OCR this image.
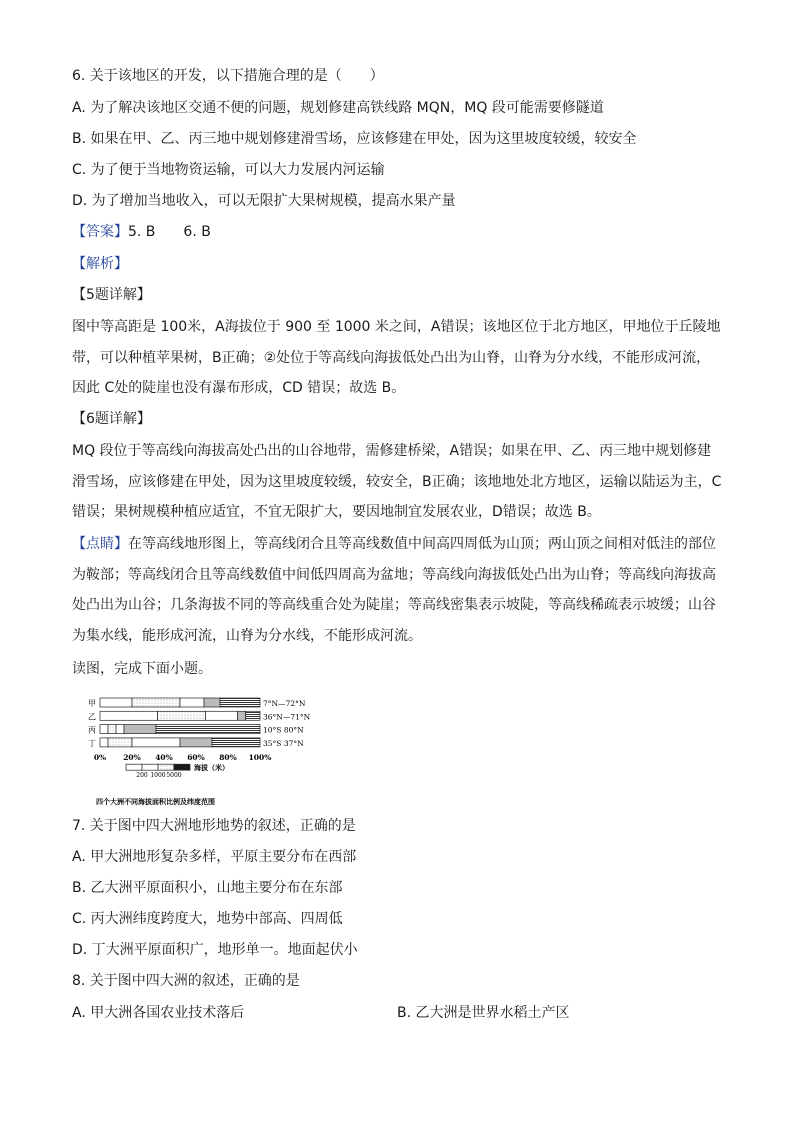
6. 关于该地区的开发，以下措施合理的是（　　）
A. 为了解决该地区交通不便的问题，规划修建高铁线路 MQN，MQ 段可能需要修隧道
B. 如果在甲、乙、丙三地中规划修建滑雪场，应该修建在甲处，因为这里坡度较缓，较安全
C. 为了便于当地物资运输，可以大力发展内河运输
D. 为了增加当地收入，可以无限扩大果树规模，提高水果产量
【答案】5. B　　6. B
【解析】
【5题详解】
图中等高距是 100米，A海拔位于 900 至 1000 米之间，A错误；该地区位于北方地区，甲地位于丘陵地带，可以种植苹果树，B正确；②处位于等高线向海拔低处凸出为山脊，山脊为分水线，不能形成河流，因此 C处的陡崖也没有瀑布形成，CD 错误；故选 B。
【6题详解】
MQ 段位于等高线向海拔高处凸出的山谷地带，需修建桥梁，A错误；如果在甲、乙、丙三地中规划修建滑雪场，应该修建在甲处，因为这里坡度较缓，较安全，B正确；该地地处北方地区，运输以陆运为主，C错误；果树规模种植应适宜，不宜无限扩大，要因地制宜发展农业，D错误；故选 B。
【点睛】在等高线地形图上，等高线闭合且等高线数值中间高四周低为山顶；两山顶之间相对低洼的部位为鞍部；等高线闭合且等高线数值中间低四周高为盆地；等高线向海拔低处凸出为山脊；等高线向海拔高处凸出为山谷；几条海拔不同的等高线重合处为陡崖；等高线密集表示坡陡，等高线稀疏表示坡缓；山谷为集水线，能形成河流，山脊为分水线，不能形成河流。
读图，完成下面小题。
甲	7°N—72°N
乙	36°N—71°N
丙	10°S 80°N
丁	35°S 37°N
0% 20% 40% 60% 80% 100%
海拔（米）
200 1000 5000
四个大洲不同海拔面积比例及纬度范围
7. 关于图中四大洲地形地势的叙述，正确的是
A. 甲大洲地形复杂多样，平原主要分布在西部
B. 乙大洲平原面积小，山地主要分布在东部
C. 丙大洲纬度跨度大，地势中部高、四周低
D. 丁大洲平原面积广，地形单一。地面起伏小
8. 关于图中四大洲的叙述，正确的是
A. 甲大洲各国农业技术落后	B. 乙大洲是世界水稻土产区
